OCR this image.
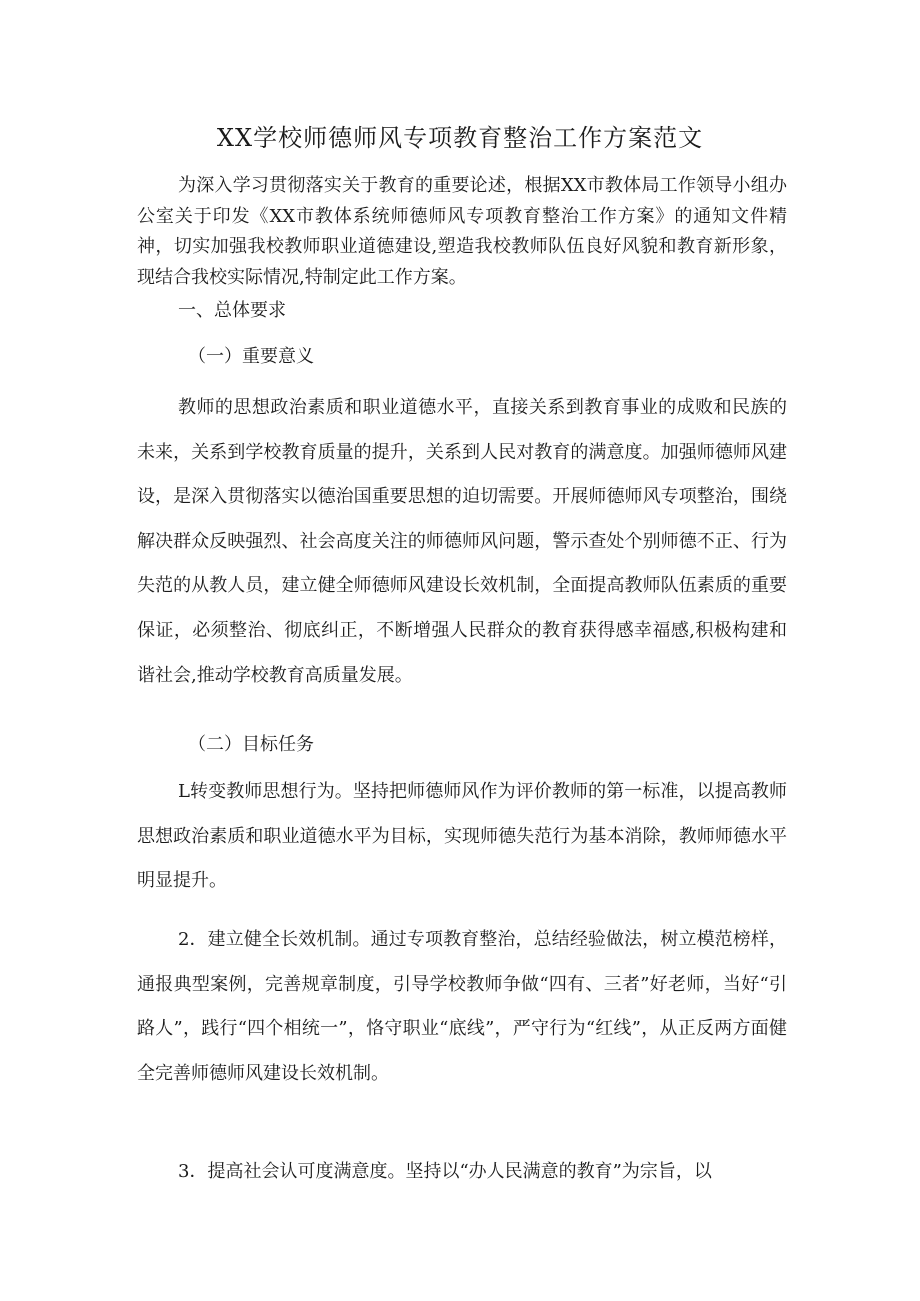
XX学校师德师风专项教育整治工作方案范文

为深入学习贯彻落实关于教育的重要论述，根据XX市教体局工作领导小组办公室关于印发《XX市教体系统师德师风专项教育整治工作方案》的通知文件精神，切实加强我校教师职业道德建设,塑造我校教师队伍良好风貌和教育新形象，现结合我校实际情况,特制定此工作方案。

一、总体要求

（一）重要意义

教师的思想政治素质和职业道德水平，直接关系到教育事业的成败和民族的未来，关系到学校教育质量的提升，关系到人民对教育的满意度。加强师德师风建设，是深入贯彻落实以德治国重要思想的迫切需要。开展师德师风专项整治，围绕解决群众反映强烈、社会高度关注的师德师风问题，警示查处个别师德不正、行为失范的从教人员，建立健全师德师风建设长效机制，全面提高教师队伍素质的重要保证，必须整治、彻底纠正，不断增强人民群众的教育获得感幸福感,积极构建和谐社会,推动学校教育高质量发展。

（二）目标任务

L转变教师思想行为。坚持把师德师风作为评价教师的第一标准，以提高教师思想政治素质和职业道德水平为目标，实现师德失范行为基本消除，教师师德水平明显提升。

2．建立健全长效机制。通过专项教育整治，总结经验做法，树立模范榜样，通报典型案例，完善规章制度，引导学校教师争做“四有、三者”好老师，当好“引路人”，践行“四个相统一”，恪守职业“底线”，严守行为“红线”，从正反两方面健全完善师德师风建设长效机制。

3．提高社会认可度满意度。坚持以“办人民满意的教育”为宗旨，以
